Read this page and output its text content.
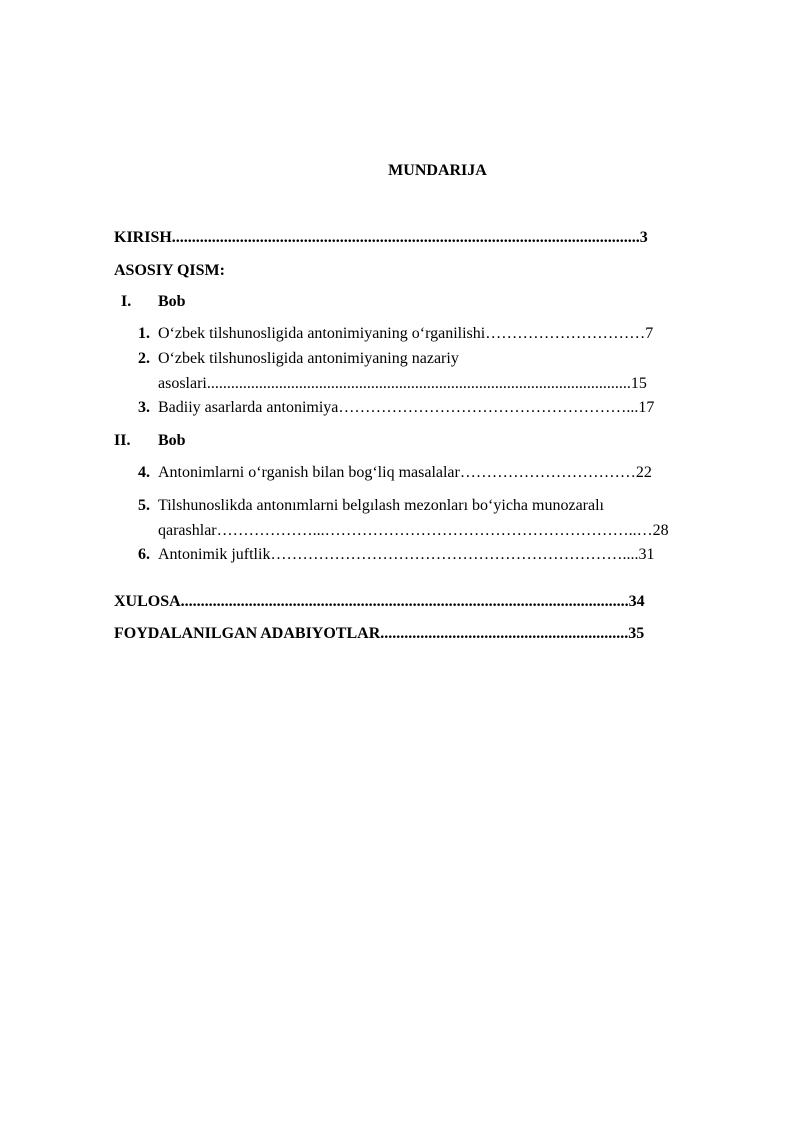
MUNDARIJA
KIRISH.....................................................................................................................3
ASOSIY QISM:
I. Bob
1. O‘zbek tilshunosligida antonimiyaning o‘rganilishi…………………………7
2. O‘zbek tilshunosligida antonimiyaning nazariy
asoslari..........................................................................................................15
3. Badiiy asarlarda antonimiya………………………………………………...17
II. Bob
4. Antonimlarni o‘rganish bilan bog‘liq masalalar……………………………22
5. Tilshunoslikda antonımlarni belgılash mezonları bo‘yicha munozaralı
qarashlar………………...…………………………………………………..…28
6. Antonimik juftlik…………………………………………………………....31
XULOSA................................................................................................................34
FOYDALANILGAN ADABIYOTLAR..............................................................35
